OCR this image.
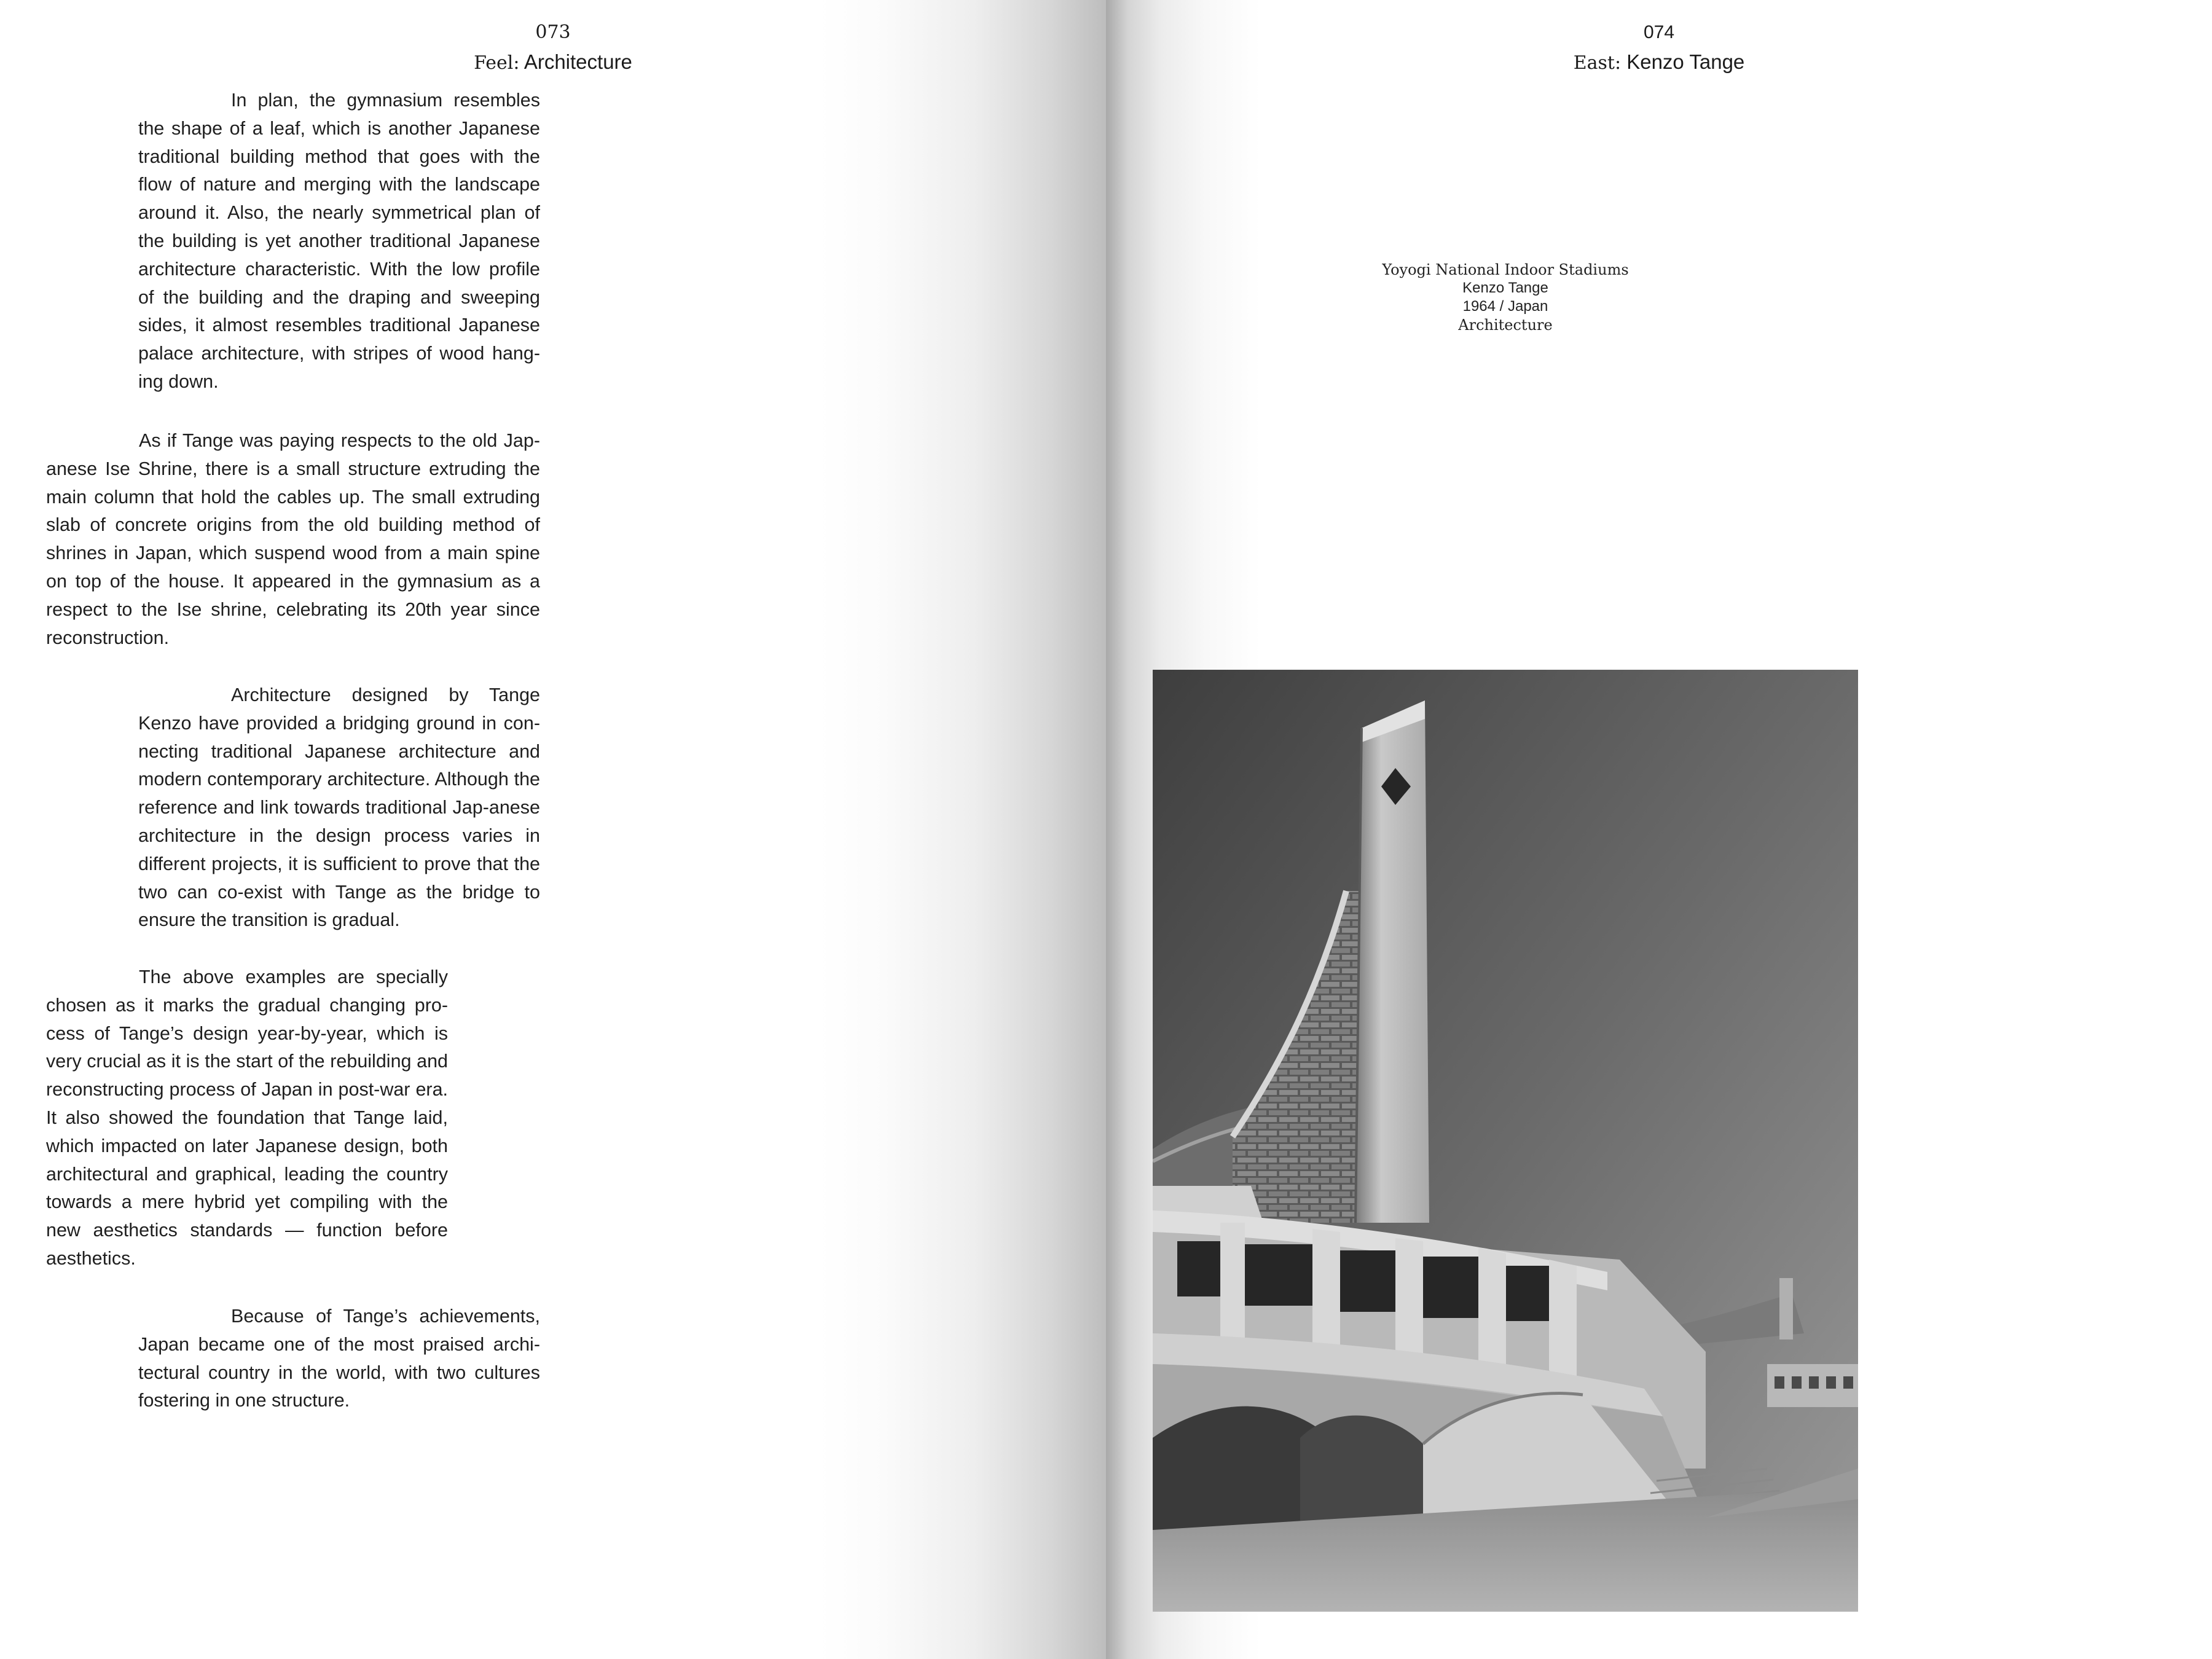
073
Feel: Architecture
074
East: Kenzo Tange

In plan, the gymnasium resembles the shape of a leaf, which is another Japanese traditional building method that goes with the flow of nature and merging with the landscape around it. Also, the nearly symmetrical plan of the building is yet another traditional Japanese architecture characteristic. With the low profile of the building and the draping and sweeping sides, it almost resembles traditional Japanese palace architecture, with stripes of wood hang-ing down.

As if Tange was paying respects to the old Jap-anese Ise Shrine, there is a small structure extruding the main column that hold the cables up. The small extruding slab of concrete origins from the old building method of shrines in Japan, which suspend wood from a main spine on top of the house. It appeared in the gymnasium as a respect to the Ise shrine, celebrating its 20th year since reconstruction.

Architecture designed by Tange Kenzo have provided a bridging ground in con-necting traditional Japanese architecture and modern contemporary architecture. Although the reference and link towards traditional Jap-anese architecture in the design process varies in different projects, it is sufficient to prove that the two can co-exist with Tange as the bridge to ensure the transition is gradual.

The above examples are specially chosen as it marks the gradual changing pro-cess of Tange’s design year-by-year, which is very crucial as it is the start of the rebuilding and reconstructing process of Japan in post-war era. It also showed the foundation that Tange laid, which impacted on later Japanese design, both architectural and graphical, leading the country towards a mere hybrid yet compiling with the new aesthetics standards — function before aesthetics.

Because of Tange’s achievements, Japan became one of the most praised archi-tectural country in the world, with two cultures fostering in one structure.

Yoyogi National Indoor Stadiums
Kenzo Tange
1964 / Japan
Architecture
